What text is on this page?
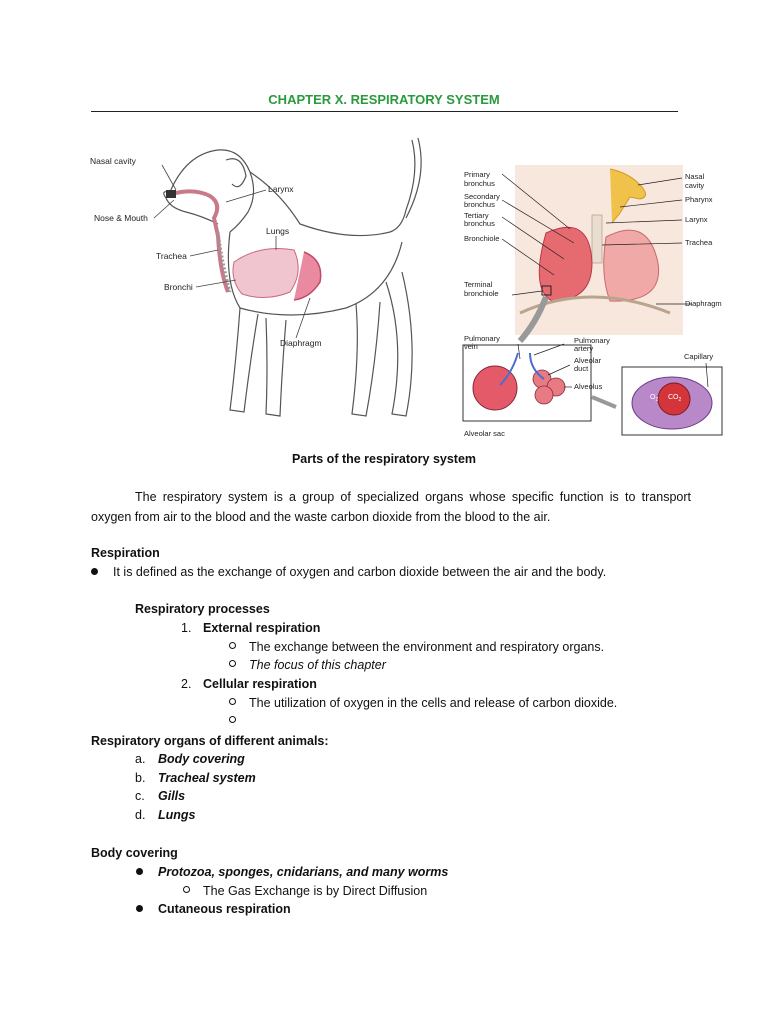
CHAPTER X. RESPIRATORY SYSTEM
Nasal cavity
Nose & Mouth
Larynx
Lungs
Trachea
Bronchi
Diaphragm
Primary
bronchus
Secondary
bronchus
Tertiary
bronchus
Bronchiole
Terminal
bronchiole
Nasal
cavity
Pharynx
Larynx
Trachea
Diaphragm
Pulmonary
vein
Pulmonary
artery
Alveolar
duct
Alveolus
Capillary
Alveolar sac
$O_2$ $CO_2$
Parts of the respiratory system
The respiratory system is a group of specialized organs whose specific function is to transport oxygen from air to the blood and the waste carbon dioxide from the blood to the air.
Respiration
It is defined as the exchange of oxygen and carbon dioxide between the air and the body.
Respiratory processes
1. External respiration
The exchange between the environment and respiratory organs.
The focus of this chapter
2. Cellular respiration
The utilization of oxygen in the cells and release of carbon dioxide.
Respiratory organs of different animals:
a. Body covering
b. Tracheal system
c. Gills
d. Lungs
Body covering
Protozoa, sponges, cnidarians, and many worms
The Gas Exchange is by Direct Diffusion
Cutaneous respiration
